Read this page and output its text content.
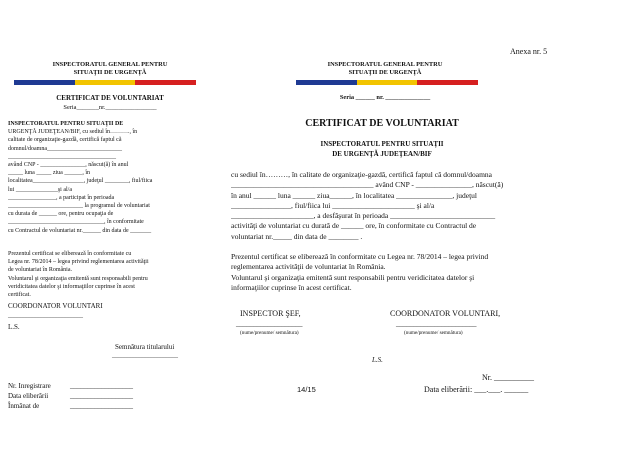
Anexa nr. 5
INSPECTORATUL GENERAL PENTRU
SITUAŢII DE URGENŢĂ
CERTIFICAT DE VOLUNTARIAT
Seria_______nr.________________
INSPECTORATUL PENTRU SITUAŢII DE
URGENŢĂ JUDEŢEAN/BIF, cu sediul în………., în
calitate de organizaţie-gazdă, certifică faptul că
domnul/doamna_________________________
____________________________________
având CNP - _______________, născut(ă) în anul
_____ luna _____ ziua ______, în
localitatea_________________, judeţul ________, fiul/fiica
lui ______________şi al/a
________________, a participat în perioada
_________________________ la programul de voluntariat
cu durata de ______ ore, pentru ocupaţia de
________________________________, în conformitate
cu Contractul de voluntariat nr.______ din data de _______
Prezentul certificat se eliberează în conformitate cu
Legea nr. 78/2014 – legea privind reglementarea activităţii
de voluntariat în România.
Voluntarul şi organizaţia emitentă sunt responsabili pentru
veridicitatea datelor şi informaţiilor cuprinse în acest
certificat.
COORDONATOR VOLUNTARI
_________________________
L.S.
Semnătura titularului
______________________
Nr. Inregistrare	__________________
Data eliberării	__________________
Înmânat de	__________________
INSPECTORATUL GENERAL PENTRU
SITUAŢII DE URGENŢĂ
Seria ______ nr. ______________
CERTIFICAT DE VOLUNTARIAT
INSPECTORATUL PENTRU SITUAŢII
DE URGENŢĂ JUDEŢEAN/BIF
cu sediul în………, în calitate de organizaţie-gazdă, certifică faptul că domnul/doamna
______________________________________ având CNP - _______________, născut(ă)
în anul ______ luna ______ ziua______, în localitatea _______________, judeţul
________________, fiul/fiica lui ______________________ şi al/a
______________________, a desfăşurat în perioada ____________________________
activităţi de voluntariat cu durată de ______ ore, în conformitate cu Contractul de
voluntariat nr._____ din data de ________ .
Prezentul certificat se eliberează în conformitate cu Legea nr. 78/2014 – legea privind
reglementarea activităţii de voluntariat în România.
Voluntarul şi organizaţia emitentă sunt responsabili pentru veridicitatea datelor şi
informaţiilor cuprinse în acest certificat.
INSPECTOR ŞEF,	COORDONATOR VOLUNTARI,
___________________	_______________________
(nume/prenume/ semnătura)	(nume/prenume/ semnătura)
L.S.
Nr. __________
Data eliberării: ___.___. ______
14/15
